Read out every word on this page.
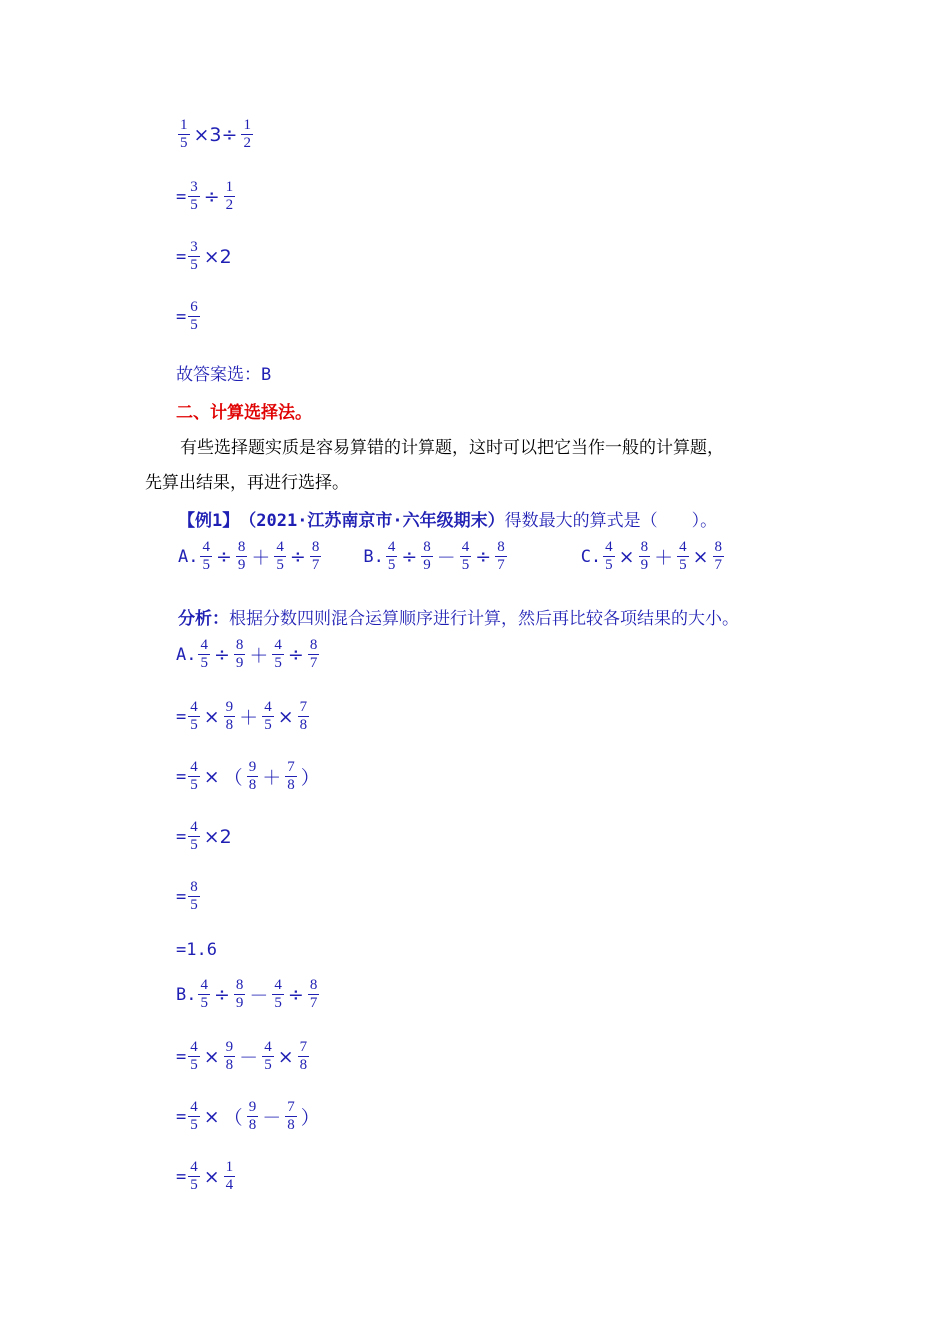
$\frac{1}{5} \times 3\div \frac{1}{2}$
= $\frac{3}{5} \div \frac{1}{2}$
= $\frac{3}{5} \times 2$
= $\frac{6}{5}$
故答案选：B
二、计算选择法。
有些选择题实质是容易算错的计算题，这时可以把它当作一般的计算题，
先算出结果，再进行选择。
【例1】 （2021·江苏南京市·六年级期末） 得数最大的算式是（　　）。
A. $\frac{4}{5} \div \frac{8}{9} + \frac{4}{5} \div \frac{8}{7} B$. $\frac{4}{5} \div \frac{8}{9} - \frac{4}{5} \div \frac{8}{7}$	C. $\frac{4}{5} \times \frac{8}{9} + \frac{4}{5} \times \frac{8}{7}$
分析： 根据分数四则混合运算顺序进行计算，然后再比较各项结果的大小。
A. $\frac{4}{5} \div \frac{8}{9} + \frac{4}{5} \div \frac{8}{7}$
= $\frac{4}{5} \times \frac{9}{8} + \frac{4}{5} \times \frac{7}{8}$
= $\frac{4}{5}$ × （ $\frac{9}{8} + \frac{7}{8}$ ）
= $\frac{4}{5} \times 2$
= $\frac{8}{5}$
=1.6
B. $\frac{4}{5} \div \frac{8}{9} - \frac{4}{5} \div \frac{8}{7}$
= $\frac{4}{5} \times \frac{9}{8} - \frac{4}{5} \times \frac{7}{8}$
= $\frac{4}{5}$ × （ $\frac{9}{8} - \frac{7}{8}$ ）
= $\frac{4}{5} \times \frac{1}{4}$
